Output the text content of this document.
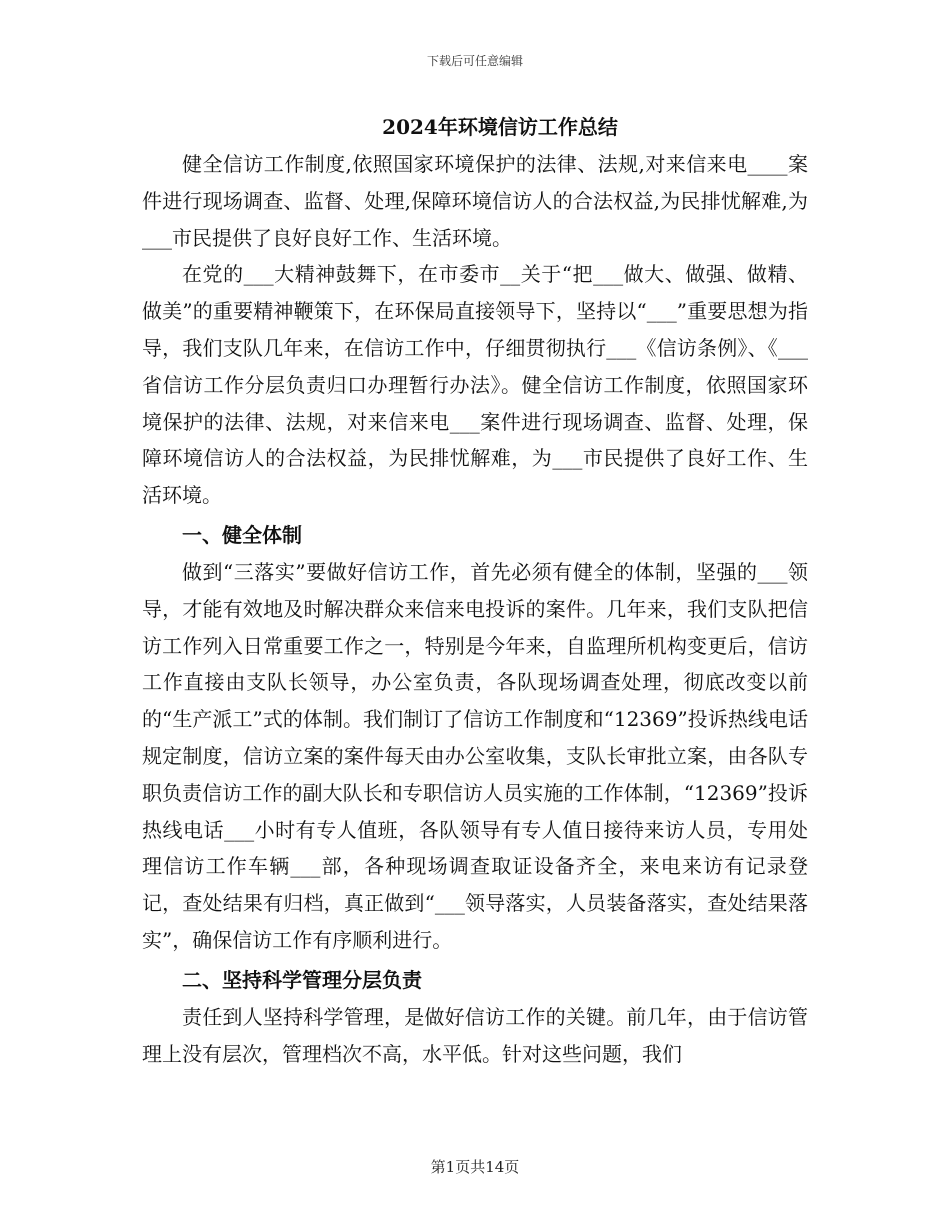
下载后可任意编辑
2024年环境信访工作总结

健全信访工作制度,依照国家环境保护的法律、法规,对来信来电____案件进行现场调查、监督、处理,保障环境信访人的合法权益,为民排忧解难,为___市民提供了良好良好工作、生活环境。

在党的___大精神鼓舞下，在市委市__关于“把___做大、做强、做精、做美”的重要精神鞭策下，在环保局直接领导下，坚持以“___”重要思想为指导，我们支队几年来，在信访工作中，仔细贯彻执行___《信访条例》、《___省信访工作分层负责归口办理暂行办法》。健全信访工作制度，依照国家环境保护的法律、法规，对来信来电___案件进行现场调查、监督、处理，保障环境信访人的合法权益，为民排忧解难，为___市民提供了良好工作、生活环境。

一、健全体制

做到“三落实”要做好信访工作，首先必须有健全的体制，坚强的___领导，才能有效地及时解决群众来信来电投诉的案件。几年来，我们支队把信访工作列入日常重要工作之一，特别是今年来，自监理所机构变更后，信访工作直接由支队长领导，办公室负责，各队现场调查处理，彻底改变以前的“生产派工”式的体制。我们制订了信访工作制度和“12369”投诉热线电话规定制度，信访立案的案件每天由办公室收集，支队长审批立案，由各队专职负责信访工作的副大队长和专职信访人员实施的工作体制，“12369”投诉热线电话___小时有专人值班，各队领导有专人值日接待来访人员，专用处理信访工作车辆___部，各种现场调查取证设备齐全，来电来访有记录登记，查处结果有归档，真正做到“___领导落实，人员装备落实，查处结果落实”，确保信访工作有序顺利进行。

二、坚持科学管理分层负责

责任到人坚持科学管理，是做好信访工作的关键。前几年，由于信访管理上没有层次，管理档次不高，水平低。针对这些问题，我们

第1页共14页
